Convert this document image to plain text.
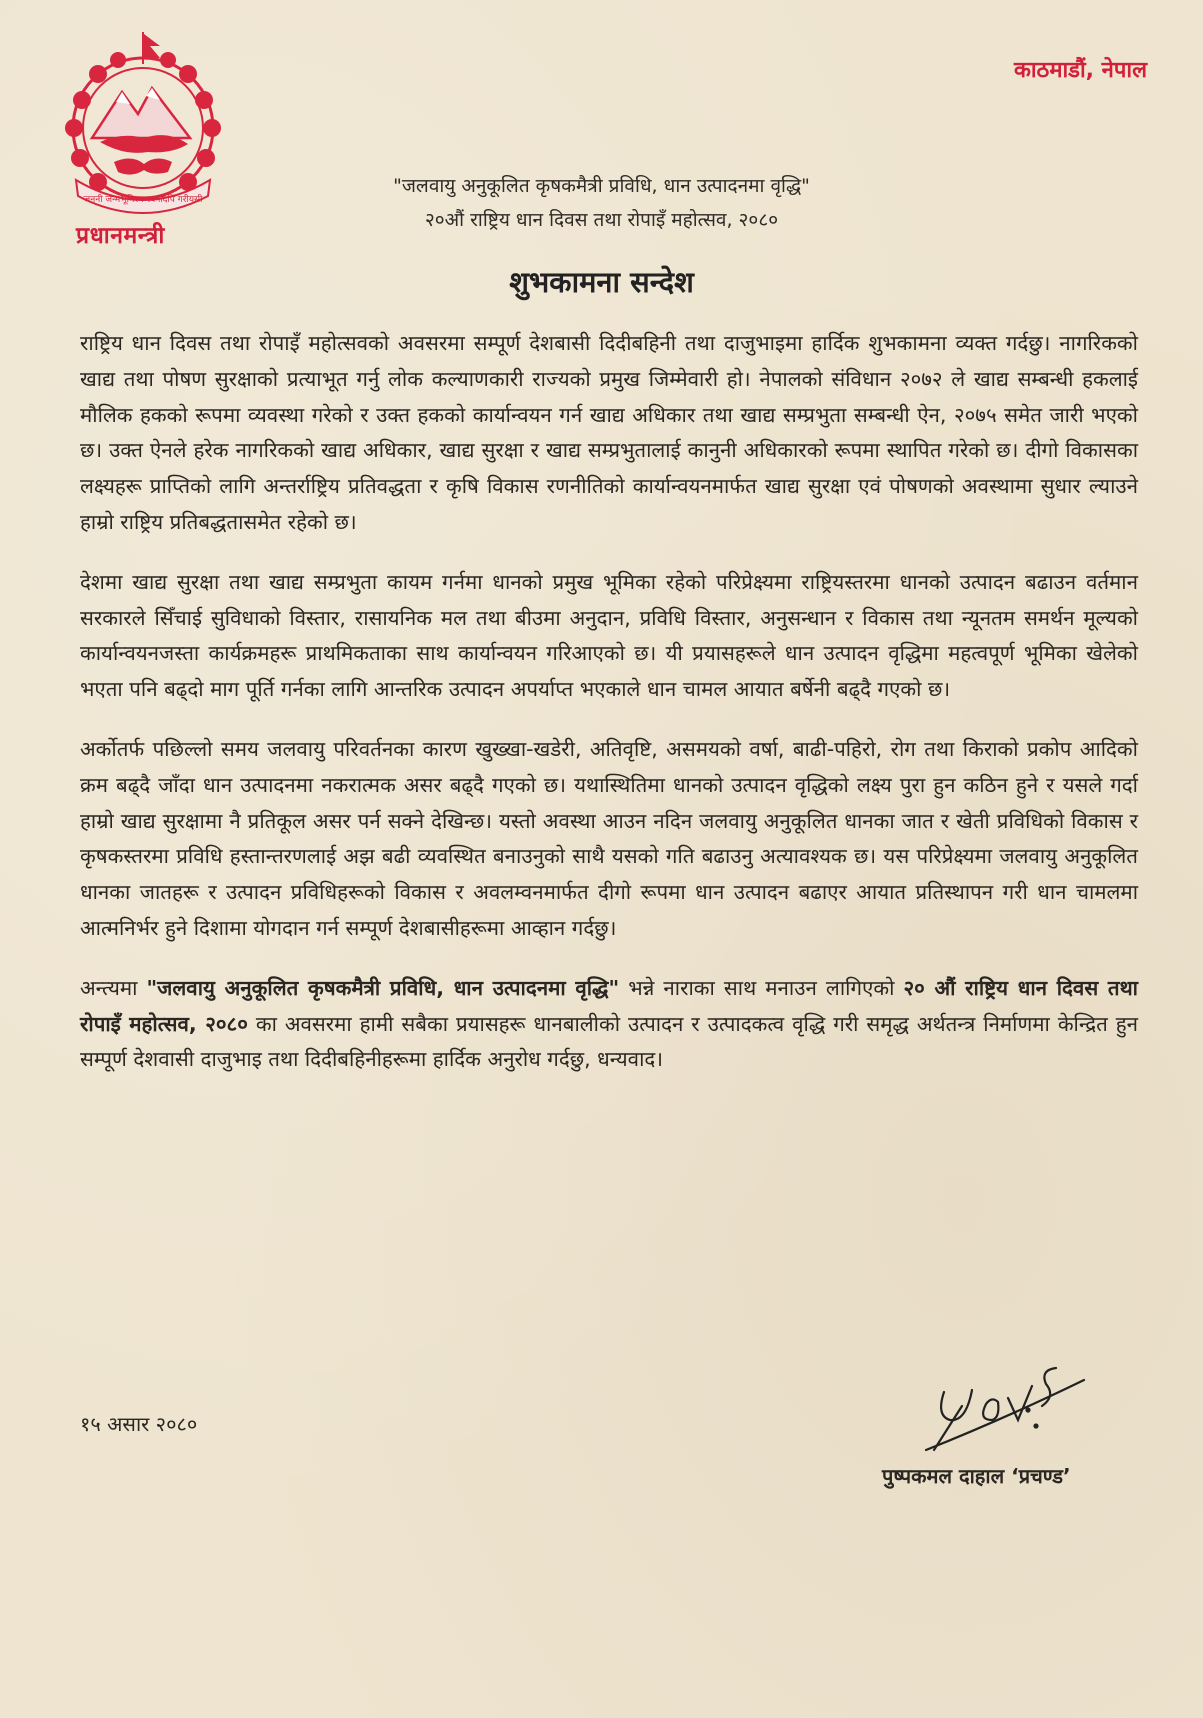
जननी जन्मभूमिश्च स्वर्गादपि गरीयसी
प्रधानमन्त्री
काठमाडौं, नेपाल
"जलवायु अनुकूलित कृषकमैत्री प्रविधि, धान उत्पादनमा वृद्धि"
२०औं राष्ट्रिय धान दिवस तथा रोपाइँ महोत्सव, २०८०
शुभकामना सन्देश

राष्ट्रिय धान दिवस तथा रोपाइँ महोत्सवको अवसरमा सम्पूर्ण देशबासी दिदीबहिनी तथा दाजुभाइमा हार्दिक शुभकामना व्यक्त गर्दछु। नागरिकको खाद्य तथा पोषण सुरक्षाको प्रत्याभूत गर्नु लोक कल्याणकारी राज्यको प्रमुख जिम्मेवारी हो। नेपालको संविधान २०७२ ले खाद्य सम्बन्धी हकलाई मौलिक हकको रूपमा व्यवस्था गरेको र उक्त हकको कार्यान्वयन गर्न खाद्य अधिकार तथा खाद्य सम्प्रभुता सम्बन्धी ऐन, २०७५ समेत जारी भएको छ। उक्त ऐनले हरेक नागरिकको खाद्य अधिकार, खाद्य सुरक्षा र खाद्य सम्प्रभुतालाई कानुनी अधिकारको रूपमा स्थापित गरेको छ। दीगो विकासका लक्ष्यहरू प्राप्तिको लागि अन्तर्राष्ट्रिय प्रतिवद्धता र कृषि विकास रणनीतिको कार्यान्वयनमार्फत खाद्य सुरक्षा एवं पोषणको अवस्थामा सुधार ल्याउने हाम्रो राष्ट्रिय प्रतिबद्धतासमेत रहेको छ।

देशमा खाद्य सुरक्षा तथा खाद्य सम्प्रभुता कायम गर्नमा धानको प्रमुख भूमिका रहेको परिप्रेक्ष्यमा राष्ट्रियस्तरमा धानको उत्पादन बढाउन वर्तमान सरकारले सिँचाई सुविधाको विस्तार, रासायनिक मल तथा बीउमा अनुदान, प्रविधि विस्तार, अनुसन्धान र विकास तथा न्यूनतम समर्थन मूल्यको कार्यान्वयनजस्ता कार्यक्रमहरू प्राथमिकताका साथ कार्यान्वयन गरिआएको छ। यी प्रयासहरूले धान उत्पादन वृद्धिमा महत्वपूर्ण भूमिका खेलेको भएता पनि बढ्दो माग पूर्ति गर्नका लागि आन्तरिक उत्पादन अपर्याप्त भएकाले धान चामल आयात बर्षेनी बढ्दै गएको छ।

अर्कोतर्फ पछिल्लो समय जलवायु परिवर्तनका कारण खुख्खा-खडेरी, अतिवृष्टि, असमयको वर्षा, बाढी-पहिरो, रोग तथा किराको प्रकोप आदिको क्रम बढ्दै जाँदा धान उत्पादनमा नकरात्मक असर बढ्दै गएको छ। यथास्थितिमा धानको उत्पादन वृद्धिको लक्ष्य पुरा हुन कठिन हुने र यसले गर्दा हाम्रो खाद्य सुरक्षामा नै प्रतिकूल असर पर्न सक्ने देखिन्छ। यस्तो अवस्था आउन नदिन जलवायु अनुकूलित धानका जात र खेती प्रविधिको विकास र कृषकस्तरमा प्रविधि हस्तान्तरणलाई अझ बढी व्यवस्थित बनाउनुको साथै यसको गति बढाउनु अत्यावश्यक छ। यस परिप्रेक्ष्यमा जलवायु अनुकूलित धानका जातहरू र उत्पादन प्रविधिहरूको विकास र अवलम्वनमार्फत दीगो रूपमा धान उत्पादन बढाएर आयात प्रतिस्थापन गरी धान चामलमा आत्मनिर्भर हुने दिशामा योगदान गर्न सम्पूर्ण देशबासीहरूमा आव्हान गर्दछु।

अन्त्यमा "जलवायु अनुकूलित कृषकमैत्री प्रविधि, धान उत्पादनमा वृद्धि" भन्ने नाराका साथ मनाउन लागिएको २० औं राष्ट्रिय धान दिवस तथा रोपाइँ महोत्सव, २०८० का अवसरमा हामी सबैका प्रयासहरू धानबालीको उत्पादन र उत्पादकत्व वृद्धि गरी समृद्ध अर्थतन्त्र निर्माणमा केन्द्रित हुन सम्पूर्ण देशवासी दाजुभाइ तथा दिदीबहिनीहरूमा हार्दिक अनुरोध गर्दछु, धन्यवाद।

१५ असार २०८०
पुष्पकमल दाहाल ‘प्रचण्ड’
